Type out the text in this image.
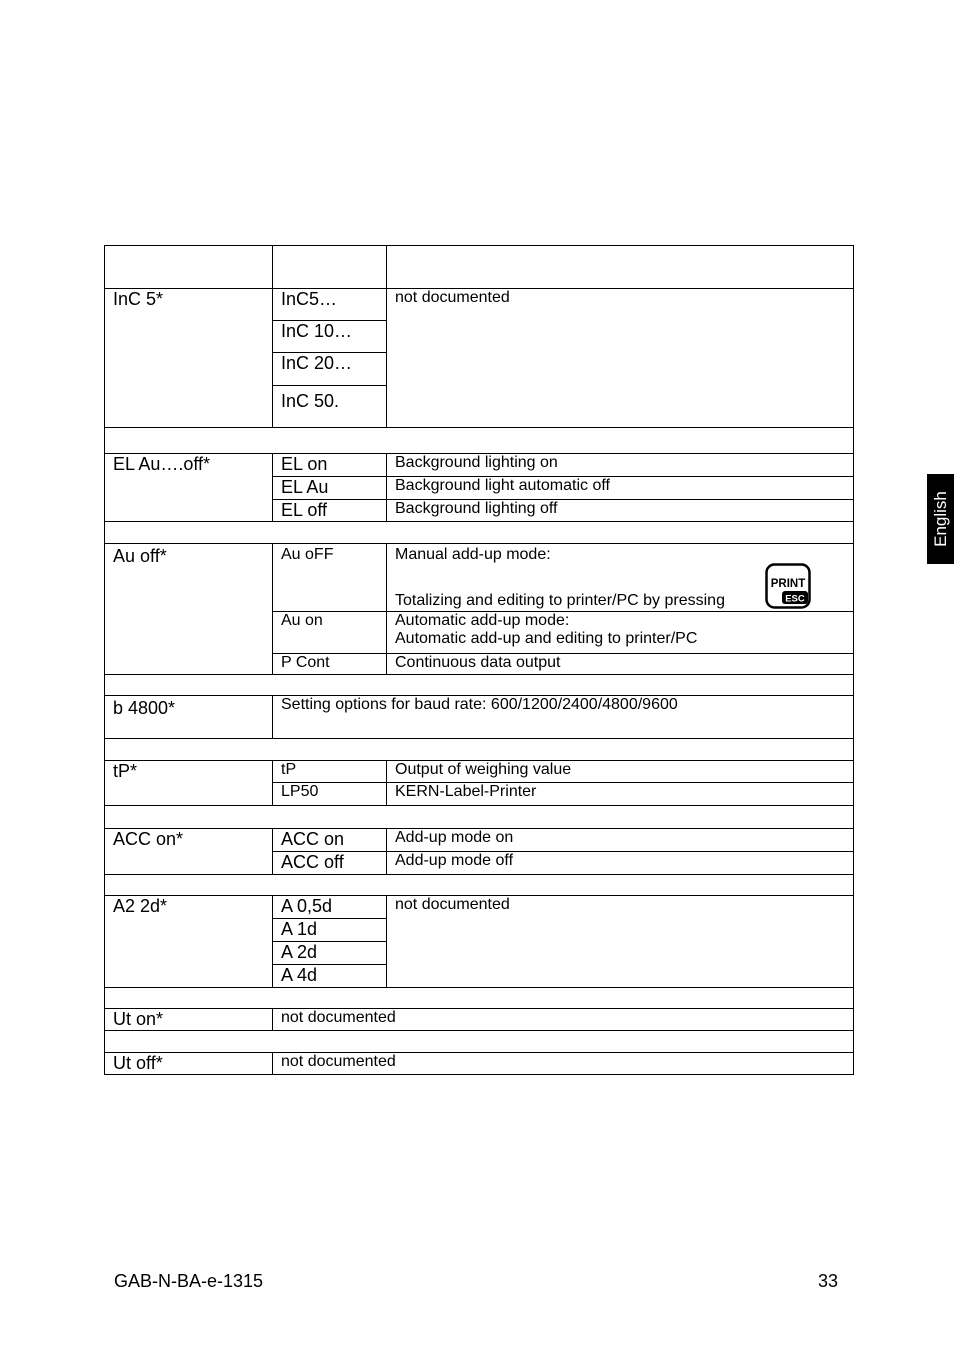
English

InC 5*	InC5…	not documented
	InC 10…	
	InC 20…	
	InC 50.	

EL Au….off*	EL on	Background lighting on
	EL Au	Background light automatic off
	EL off	Background lighting off

Au off*	Au oFF	Manual add-up mode:
Totalizing and editing to printer/PC by pressing

	Au on	Automatic add-up mode:
Automatic add-up and editing to printer/PC

	P Cont	Continuous data output

b 4800*	Setting options for baud rate: 600/1200/2400/4800/9600	

tP*	tP	Output of weighing value
	LP50	KERN-Label-Printer

ACC on*	ACC on	Add-up mode on
	ACC off	Add-up mode off

A2 2d*	A 0,5d	not documented
	A 1d	
	A 2d	
	A 4d	

Ut on*	not documented	

Ut off*	not documented	
PRINT
ESC
GAB-N-BA-e-1315	33
